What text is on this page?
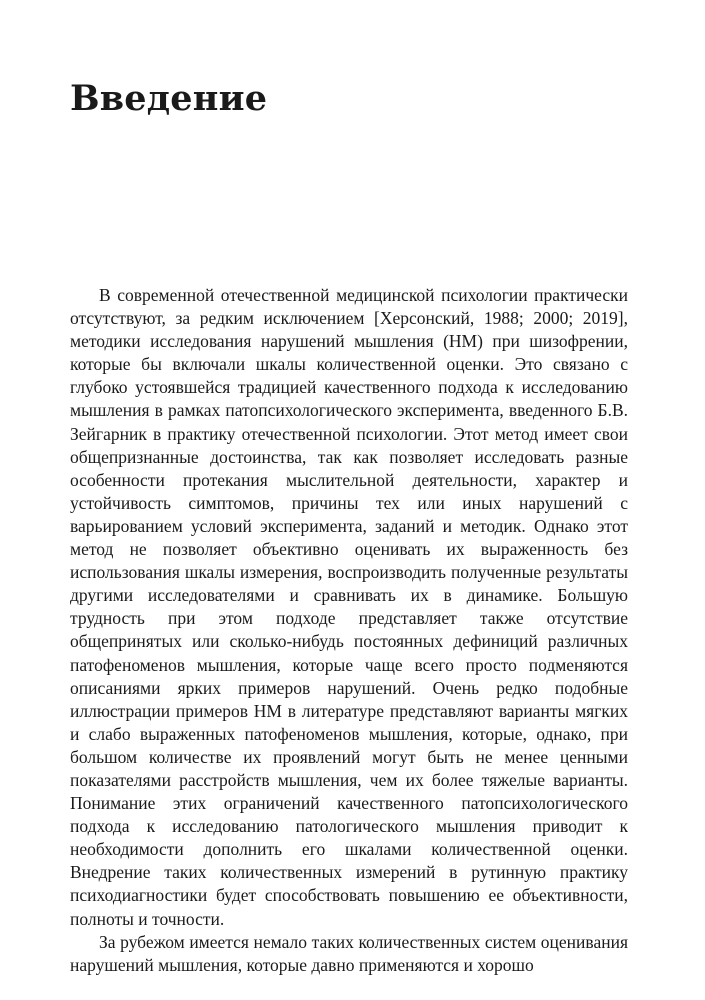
Введение

В современной отечественной медицинской психологии практически отсутствуют, за редким исключением [Херсонский, 1988; 2000; 2019], методики исследования нарушений мышления (НМ) при шизофрении, которые бы включали шкалы количественной оценки. Это связано с глубоко устоявшейся традицией качественного подхода к исследованию мышления в рамках патопсихологического эксперимента, введенного Б.В. Зейгарник в практику отечественной психологии. Этот метод имеет свои общепризнанные достоинства, так как позволяет исследовать разные особенности протекания мыслительной деятельности, характер и устойчивость симптомов, причины тех или иных нарушений с варьированием условий эксперимента, заданий и методик. Однако этот метод не позволяет объективно оценивать их выраженность без использования шкалы измерения, воспроизводить полученные результаты другими исследователями и сравнивать их в динамике. Большую трудность при этом подходе представляет также отсутствие общепринятых или сколько-нибудь постоянных дефиниций различных патофеноменов мышления, которые чаще всего просто подменяются описаниями ярких примеров нарушений. Очень редко подобные иллюстрации примеров НМ в литературе представляют варианты мягких и слабо выраженных патофеноменов мышления, которые, однако, при большом количестве их проявлений могут быть не менее ценными показателями расстройств мышления, чем их более тяжелые варианты. Понимание этих ограничений качественного патопсихологического подхода к исследованию патологического мышления приводит к необходимости дополнить его шкалами количественной оценки. Внедрение таких количественных измерений в рутинную практику психодиагностики будет способствовать повышению ее объективности, полноты и точности.

За рубежом имеется немало таких количественных систем оценивания нарушений мышления, которые давно применяются и хорошо
